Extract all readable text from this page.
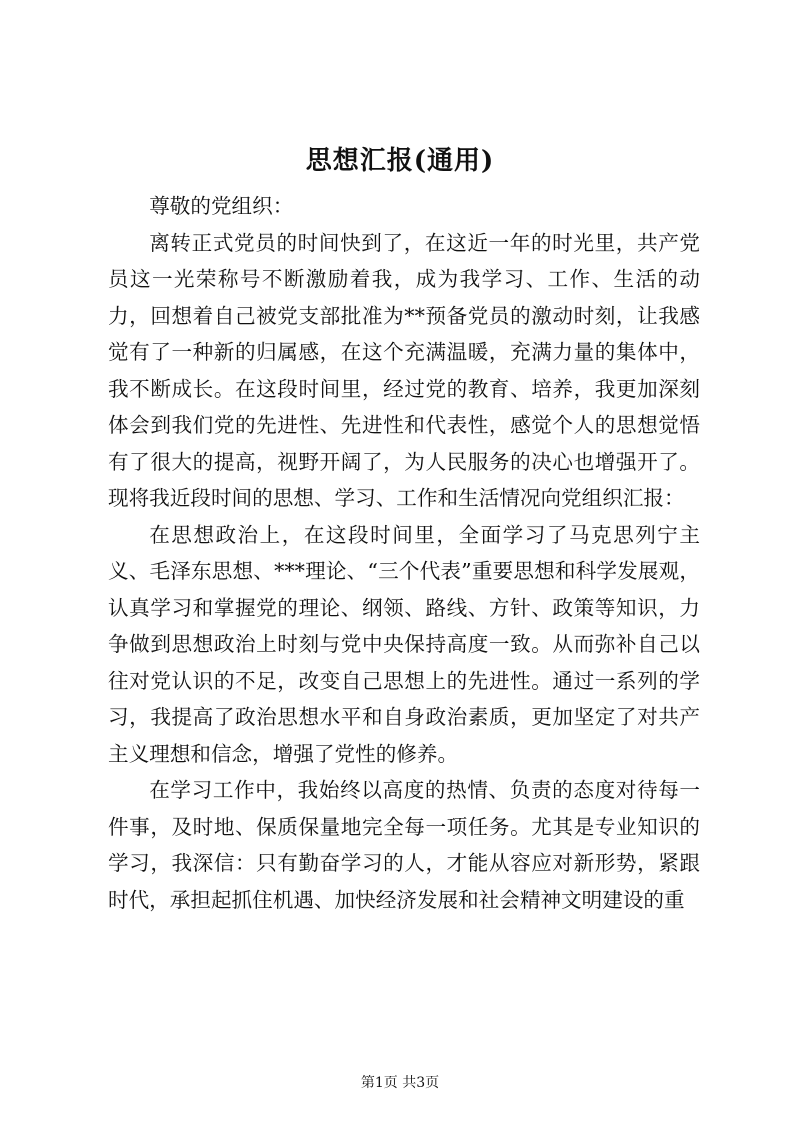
思想汇报(通用)

尊敬的党组织：

离转正式党员的时间快到了，在这近一年的时光里，共产党员这一光荣称号不断激励着我，成为我学习、工作、生活的动力，回想着自己被党支部批准为**预备党员的激动时刻，让我感觉有了一种新的归属感，在这个充满温暖，充满力量的集体中，我不断成长。在这段时间里，经过党的教育、培养，我更加深刻体会到我们党的先进性、先进性和代表性，感觉个人的思想觉悟有了很大的提高，视野开阔了，为人民服务的决心也增强开了。现将我近段时间的思想、学习、工作和生活情况向党组织汇报：

在思想政治上，在这段时间里，全面学习了马克思列宁主义、毛泽东思想、***理论、“三个代表”重要思想和科学发展观，认真学习和掌握党的理论、纲领、路线、方针、政策等知识，力争做到思想政治上时刻与党中央保持高度一致。从而弥补自己以往对党认识的不足，改变自己思想上的先进性。通过一系列的学习，我提高了政治思想水平和自身政治素质，更加坚定了对共产主义理想和信念，增强了党性的修养。

在学习工作中，我始终以高度的热情、负责的态度对待每一件事，及时地、保质保量地完全每一项任务。尤其是专业知识的学习，我深信：只有勤奋学习的人，才能从容应对新形势，紧跟时代，承担起抓住机遇、加快经济发展和社会精神文明建设的重

第1页 共3页
